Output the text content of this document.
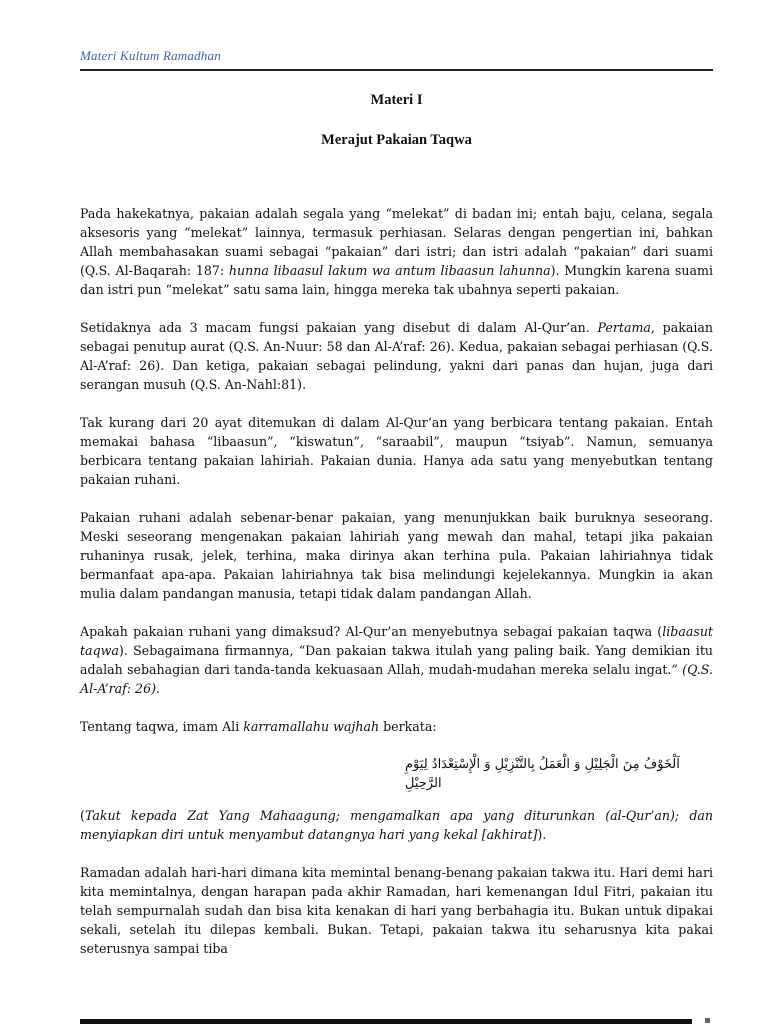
Materi Kultum Ramadhan
Materi I
Merajut Pakaian Taqwa

Pada hakekatnya, pakaian adalah segala yang “melekat” di badan ini; entah baju, celana, segala aksesoris yang “melekat” lainnya, termasuk perhiasan. Selaras dengan pengertian ini, bahkan Allah membahasakan suami sebagai “pakaian” dari istri; dan istri adalah “pakaian” dari suami (Q.S. Al-Baqarah: 187: hunna libaasul lakum wa antum libaasun lahunna). Mungkin karena suami dan istri pun “melekat” satu sama lain, hingga mereka tak ubahnya seperti pakaian.

Setidaknya ada 3 macam fungsi pakaian yang disebut di dalam Al-Qur’an. Pertama, pakaian sebagai penutup aurat (Q.S. An-Nuur: 58 dan Al-A’raf: 26). Kedua, pakaian sebagai perhiasan (Q.S. Al-A’raf: 26). Dan ketiga, pakaian sebagai pelindung, yakni dari panas dan hujan, juga dari serangan musuh (Q.S. An-Nahl:81).

Tak kurang dari 20 ayat ditemukan di dalam Al-Qur’an yang berbicara tentang pakaian. Entah memakai bahasa “libaasun”, “kiswatun”, “saraabil”, maupun “tsiyab”. Namun, semuanya berbicara tentang pakaian lahiriah. Pakaian dunia. Hanya ada satu yang menyebutkan tentang pakaian ruhani.

Pakaian ruhani adalah sebenar-benar pakaian, yang menunjukkan baik buruknya seseorang. Meski seseorang mengenakan pakaian lahiriah yang mewah dan mahal, tetapi jika pakaian ruhaninya rusak, jelek, terhina, maka dirinya akan terhina pula. Pakaian lahiriahnya tidak bermanfaat apa-apa. Pakaian lahiriahnya tak bisa melindungi kejelekannya. Mungkin ia akan mulia dalam pandangan manusia, tetapi tidak dalam pandangan Allah.

Apakah pakaian ruhani yang dimaksud? Al-Qur’an menyebutnya sebagai pakaian taqwa (libaasut taqwa). Sebagaimana firmannya, “Dan pakaian takwa itulah yang paling baik. Yang demikian itu adalah sebahagian dari tanda-tanda kekuasaan Allah, mudah-mudahan mereka selalu ingat.” (Q.S. Al-A’raf: 26).

Tentang taqwa, imam Ali karramallahu wajhah berkata:

اَلْخَوْفُ مِنَ الْجَلِيْلِ وَ الْعَمَلُ بِالتَّنْزِيْلِ وَ الْإِسْتِعْدَادُ لِيَوْمِ الرَّحِيْلِ

(Takut kepada Zat Yang Mahaagung; mengamalkan apa yang diturunkan (al-Qur’an); dan menyiapkan diri untuk menyambut datangnya hari yang kekal [akhirat]).

Ramadan adalah hari-hari dimana kita memintal benang-benang pakaian takwa itu. Hari demi hari kita memintalnya, dengan harapan pada akhir Ramadan, hari kemenangan Idul Fitri, pakaian itu telah sempurnalah sudah dan bisa kita kenakan di hari yang berbahagia itu. Bukan untuk dipakai sekali, setelah itu dilepas kembali. Bukan. Tetapi, pakaian takwa itu seharusnya kita pakai seterusnya sampai tiba
